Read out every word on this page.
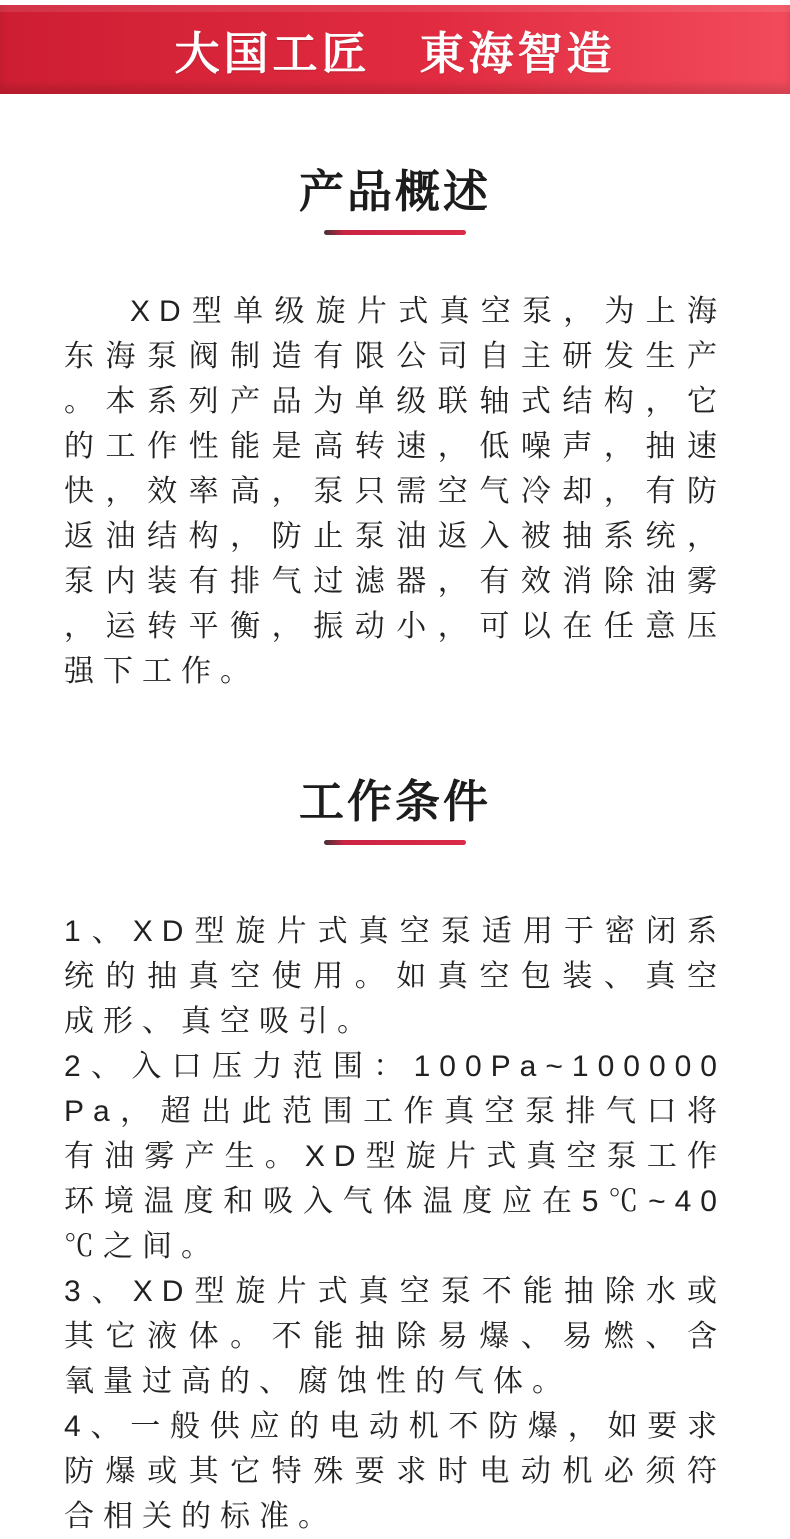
大国工匠　東海智造
产品概述

XD型单级旋片式真空泵，为上海东海泵阀制造有限公司自主研发生产。本系列产品为单级联轴式结构，它的工作性能是高转速，低噪声，抽速快，效率高，泵只需空气冷却，有防返油结构，防止泵油返入被抽系统，泵内装有排气过滤器，有效消除油雾，运转平衡，振动小，可以在任意压强下工作。

工作条件
1、XD型旋片式真空泵适用于密闭系统的抽真空使用。如真空包装、真空成形、真空吸引。
2、入口压力范围：100Pa~100000 Pa，超出此范围工作真空泵排气口将有油雾产生。XD型旋片式真空泵工作环境温度和吸入气体温度应在5℃~40℃之间。
3、XD型旋片式真空泵不能抽除水或其它液体。不能抽除易爆、易燃、含氧量过高的、腐蚀性的气体。
4、一般供应的电动机不防爆，如要求防爆或其它特殊要求时电动机必须符合相关的标准。
